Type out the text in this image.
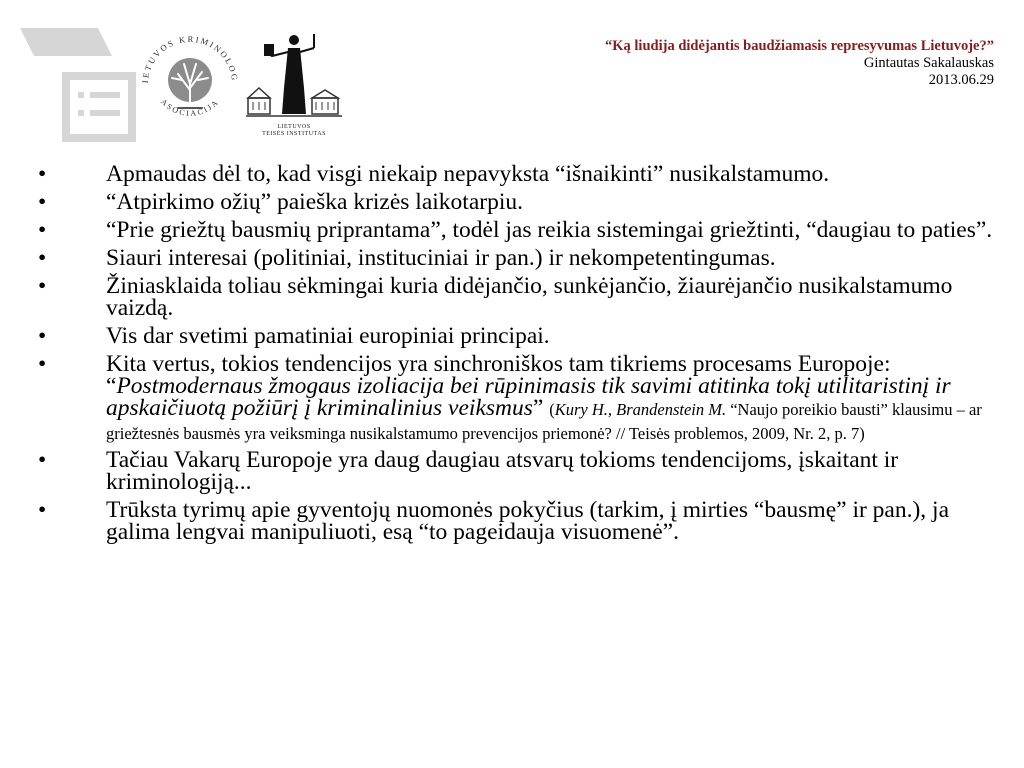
IETUVOS KRIMINOLOG
ASOCIACIJA
LIETUVOS
TEISĖS INSTITUTAS
“Ką liudija didėjantis baudžiamasis represyvumas Lietuvoje?”
Gintautas Sakalauskas
2013.06.29
•	Apmaudas dėl to, kad visgi niekaip nepavyksta “išnaikinti” nusikalstamumo.
•	“Atpirkimo ožių” paieška krizės laikotarpiu.
•	“Prie griežtų bausmių priprantama”, todėl jas reikia sistemingai griežtinti, “daugiau to paties”.
•	Siauri interesai (politiniai, instituciniai ir pan.) ir nekompetentingumas.
•	Žiniasklaida toliau sėkmingai kuria didėjančio, sunkėjančio, žiaurėjančio nusikalstamumo vaizdą.
•	Vis dar svetimi pamatiniai europiniai principai.
•	Kita vertus, tokios tendencijos yra sinchroniškos tam tikriems procesams Europoje: “Postmodernaus žmogaus izoliacija bei rūpinimasis tik savimi atitinka tokį utilitaristinį ir apskaičiuotą požiūrį į kriminalinius veiksmus” (Kury H., Brandenstein M. “Naujo poreikio bausti” klausimu – ar griežtesnės bausmės yra veiksminga nusikalstamumo prevencijos priemonė? // Teisės problemos, 2009, Nr. 2, p. 7)
•	Tačiau Vakarų Europoje yra daug daugiau atsvarų tokioms tendencijoms, įskaitant ir kriminologiją...
•	Trūksta tyrimų apie gyventojų nuomonės pokyčius (tarkim, į mirties “bausmę” ir pan.), ja galima lengvai manipuliuoti, esą “to pageidauja visuomenė”.
